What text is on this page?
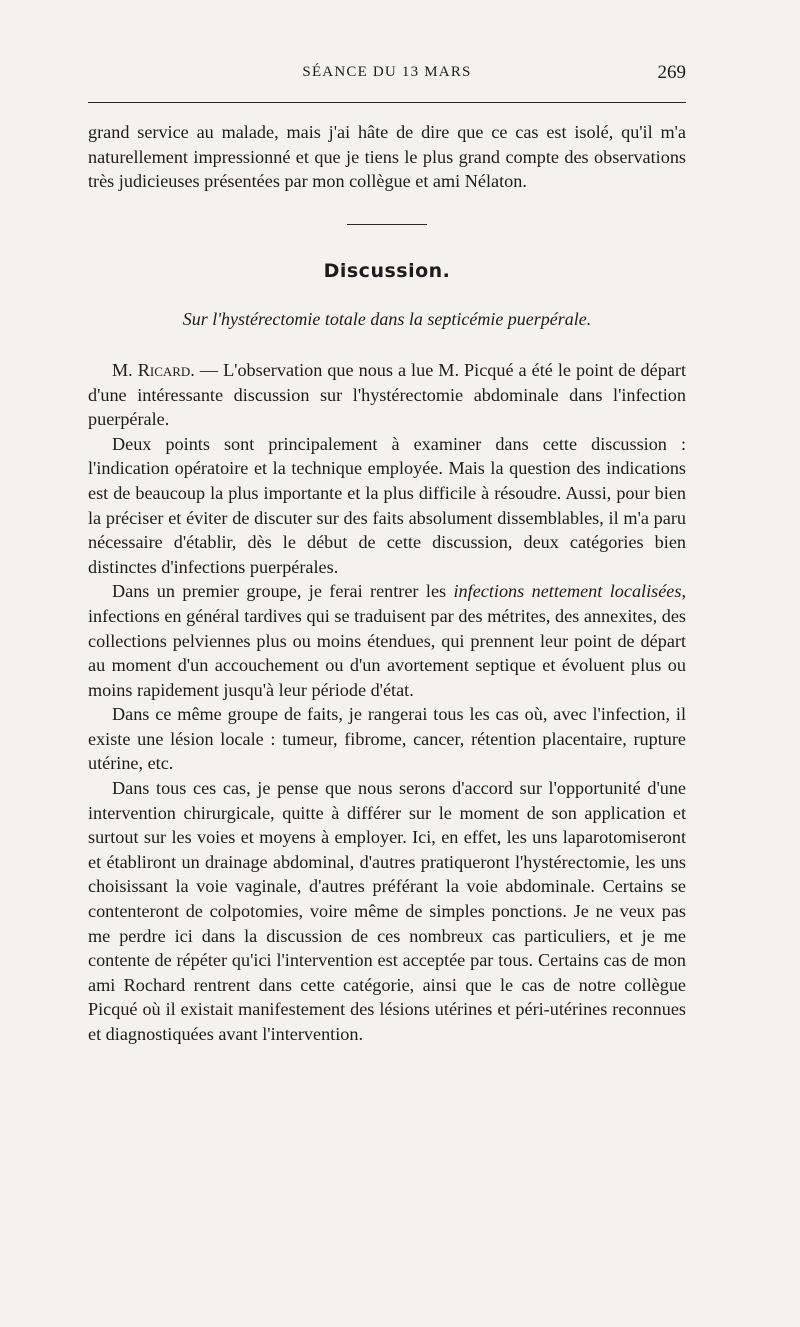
SÉANCE DU 13 MARS	269

grand service au malade, mais j'ai hâte de dire que ce cas est isolé, qu'il m'a naturellement impressionné et que je tiens le plus grand compte des observations très judicieuses présentées par mon collègue et ami Nélaton.

Discussion.
Sur l'hystérectomie totale dans la septicémie puerpérale.

M. Ricard. — L'observation que nous a lue M. Picqué a été le point de départ d'une intéressante discussion sur l'hystérectomie abdominale dans l'infection puerpérale.

Deux points sont principalement à examiner dans cette discussion : l'indication opératoire et la technique employée. Mais la question des indications est de beaucoup la plus importante et la plus difficile à résoudre. Aussi, pour bien la préciser et éviter de discuter sur des faits absolument dissemblables, il m'a paru nécessaire d'établir, dès le début de cette discussion, deux catégories bien distinctes d'infections puerpérales.

Dans un premier groupe, je ferai rentrer les infections nettement localisées, infections en général tardives qui se traduisent par des métrites, des annexites, des collections pelviennes plus ou moins étendues, qui prennent leur point de départ au moment d'un accouchement ou d'un avortement septique et évoluent plus ou moins rapidement jusqu'à leur période d'état.

Dans ce même groupe de faits, je rangerai tous les cas où, avec l'infection, il existe une lésion locale : tumeur, fibrome, cancer, rétention placentaire, rupture utérine, etc.

Dans tous ces cas, je pense que nous serons d'accord sur l'opportunité d'une intervention chirurgicale, quitte à différer sur le moment de son application et surtout sur les voies et moyens à employer. Ici, en effet, les uns laparotomiseront et établiront un drainage abdominal, d'autres pratiqueront l'hystérectomie, les uns choisissant la voie vaginale, d'autres préférant la voie abdominale. Certains se contenteront de colpotomies, voire même de simples ponctions. Je ne veux pas me perdre ici dans la discussion de ces nombreux cas particuliers, et je me contente de répéter qu'ici l'intervention est acceptée par tous. Certains cas de mon ami Rochard rentrent dans cette catégorie, ainsi que le cas de notre collègue Picqué où il existait manifestement des lésions utérines et péri-utérines reconnues et diagnostiquées avant l'intervention.
